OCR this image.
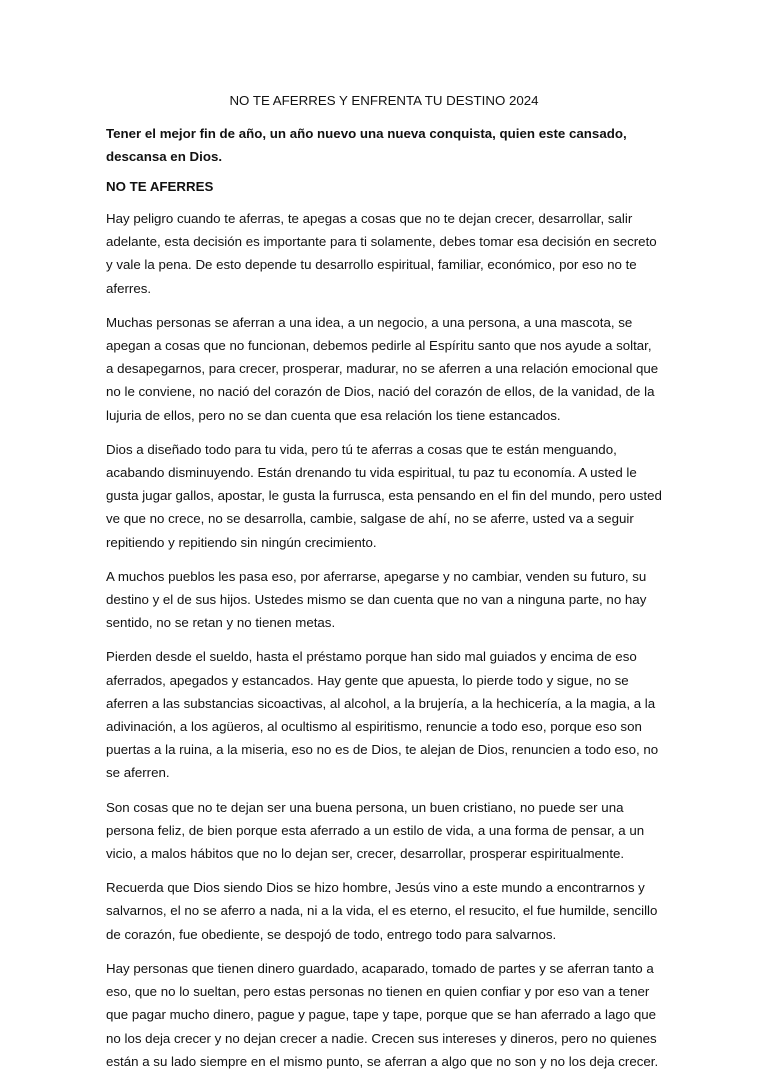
NO TE AFERRES Y ENFRENTA TU DESTINO 2024
Tener el mejor fin de año, un año nuevo una nueva conquista, quien este cansado, descansa en Dios.
NO TE AFERRES

Hay peligro cuando te aferras, te apegas a cosas que no te dejan crecer, desarrollar, salir adelante, esta decisión es importante para ti solamente, debes tomar esa decisión en secreto y vale la pena. De esto depende tu desarrollo espiritual, familiar, económico, por eso no te aferres.

Muchas personas se aferran a una idea, a un negocio, a una persona, a una mascota, se apegan a cosas que no funcionan, debemos pedirle al Espíritu santo que nos ayude a soltar, a desapegarnos, para crecer, prosperar, madurar, no se aferren a una relación emocional que no le conviene, no nació del corazón de Dios, nació del corazón de ellos, de la vanidad, de la lujuria de ellos, pero no se dan cuenta que esa relación los tiene estancados.

Dios a diseñado todo para tu vida, pero tú te aferras a cosas que te están menguando, acabando disminuyendo. Están drenando tu vida espiritual, tu paz tu economía. A usted le gusta jugar gallos, apostar, le gusta la furrusca, esta pensando en el fin del mundo, pero usted ve que no crece, no se desarrolla, cambie, salgase de ahí, no se aferre, usted va a seguir repitiendo y repitiendo sin ningún crecimiento.

A muchos pueblos les pasa eso, por aferrarse, apegarse y no cambiar, venden su futuro, su destino y el de sus hijos. Ustedes mismo se dan cuenta que no van a ninguna parte, no hay sentido, no se retan y no tienen metas.

Pierden desde el sueldo, hasta el préstamo porque han sido mal guiados y encima de eso aferrados, apegados y estancados. Hay gente que apuesta, lo pierde todo y sigue, no se aferren a las substancias sicoactivas, al alcohol, a la brujería, a la hechicería, a la magia, a la adivinación, a los agüeros, al ocultismo al espiritismo, renuncie a todo eso, porque eso son puertas a la ruina, a la miseria, eso no es de Dios, te alejan de Dios, renuncien a todo eso, no se aferren.

Son cosas que no te dejan ser una buena persona, un buen cristiano, no puede ser una persona feliz, de bien porque esta aferrado a un estilo de vida, a una forma de pensar, a un vicio, a malos hábitos que no lo dejan ser, crecer, desarrollar, prosperar espiritualmente.

Recuerda que Dios siendo Dios se hizo hombre, Jesús vino a este mundo a encontrarnos y salvarnos, el no se aferro a nada, ni a la vida, el es eterno, el resucito, el fue humilde, sencillo de corazón, fue obediente, se despojó de todo, entrego todo para salvarnos.

Hay personas que tienen dinero guardado, acaparado, tomado de partes y se aferran tanto a eso, que no lo sueltan, pero estas personas no tienen en quien confiar y por eso van a tener que pagar mucho dinero, pague y pague, tape y tape, porque que se han aferrado a lago que no los deja crecer y no dejan crecer a nadie. Crecen sus intereses y dineros, pero no quienes están a su lado siempre en el mismo punto, se aferran a algo que no son y no los deja crecer.
